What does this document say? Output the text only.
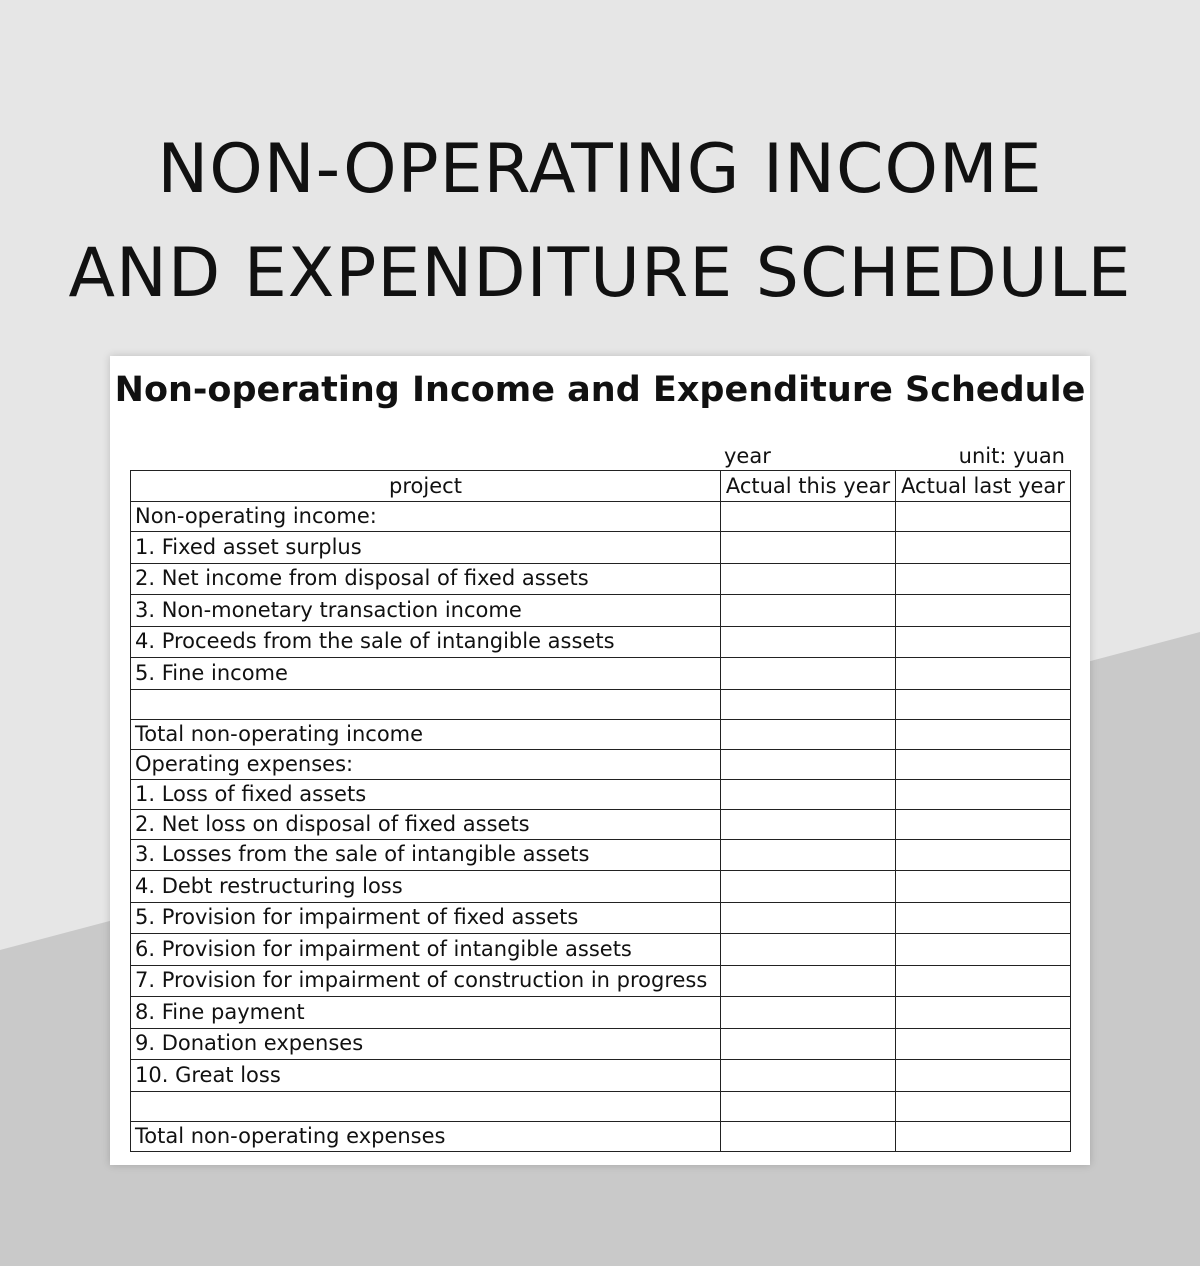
NON-OPERATING INCOME
AND EXPENDITURE SCHEDULE
Non-operating Income and Expenditure Schedule
year	unit: yuan
project	Actual this year	Actual last year
Non-operating income:		
1. Fixed asset surplus		
2. Net income from disposal of fixed assets		
3. Non-monetary transaction income		
4. Proceeds from the sale of intangible assets		
5. Fine income		

Total non-operating income		
Operating expenses:		
1. Loss of fixed assets		
2. Net loss on disposal of fixed assets		
3. Losses from the sale of intangible assets		
4. Debt restructuring loss		
5. Provision for impairment of fixed assets		
6. Provision for impairment of intangible assets		
7. Provision for impairment of construction in progress		
8. Fine payment		
9. Donation expenses		
10. Great loss		

Total non-operating expenses		
